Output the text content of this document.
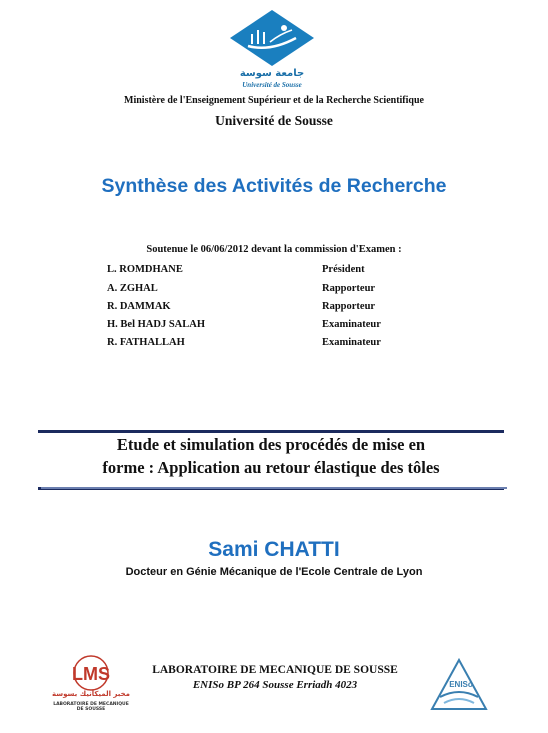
جامعة سوسة
Université de Sousse
Ministère de l'Enseignement Supérieur et de la Recherche Scientifique
Université de Sousse
Synthèse des Activités de Recherche
Soutenue le 06/06/2012 devant la commission d'Examen :
L. ROMDHANE	Président
A. ZGHAL	Rapporteur
R. DAMMAK	Rapporteur
H. Bel HADJ SALAH	Examinateur
R. FATHALLAH	Examinateur
Etude et simulation des procédés de mise en
forme : Application au retour élastique des tôles
Sami CHATTI
Docteur en Génie Mécanique de l'Ecole Centrale de Lyon
LMS
مخبر الميكانيك بسوسة
LABORATOIRE DE MECANIQUE DE SOUSSE
LABORATOIRE DE MECANIQUE DE SOUSSE
ENISo BP 264 Sousse Erriadh 4023	ENISo
